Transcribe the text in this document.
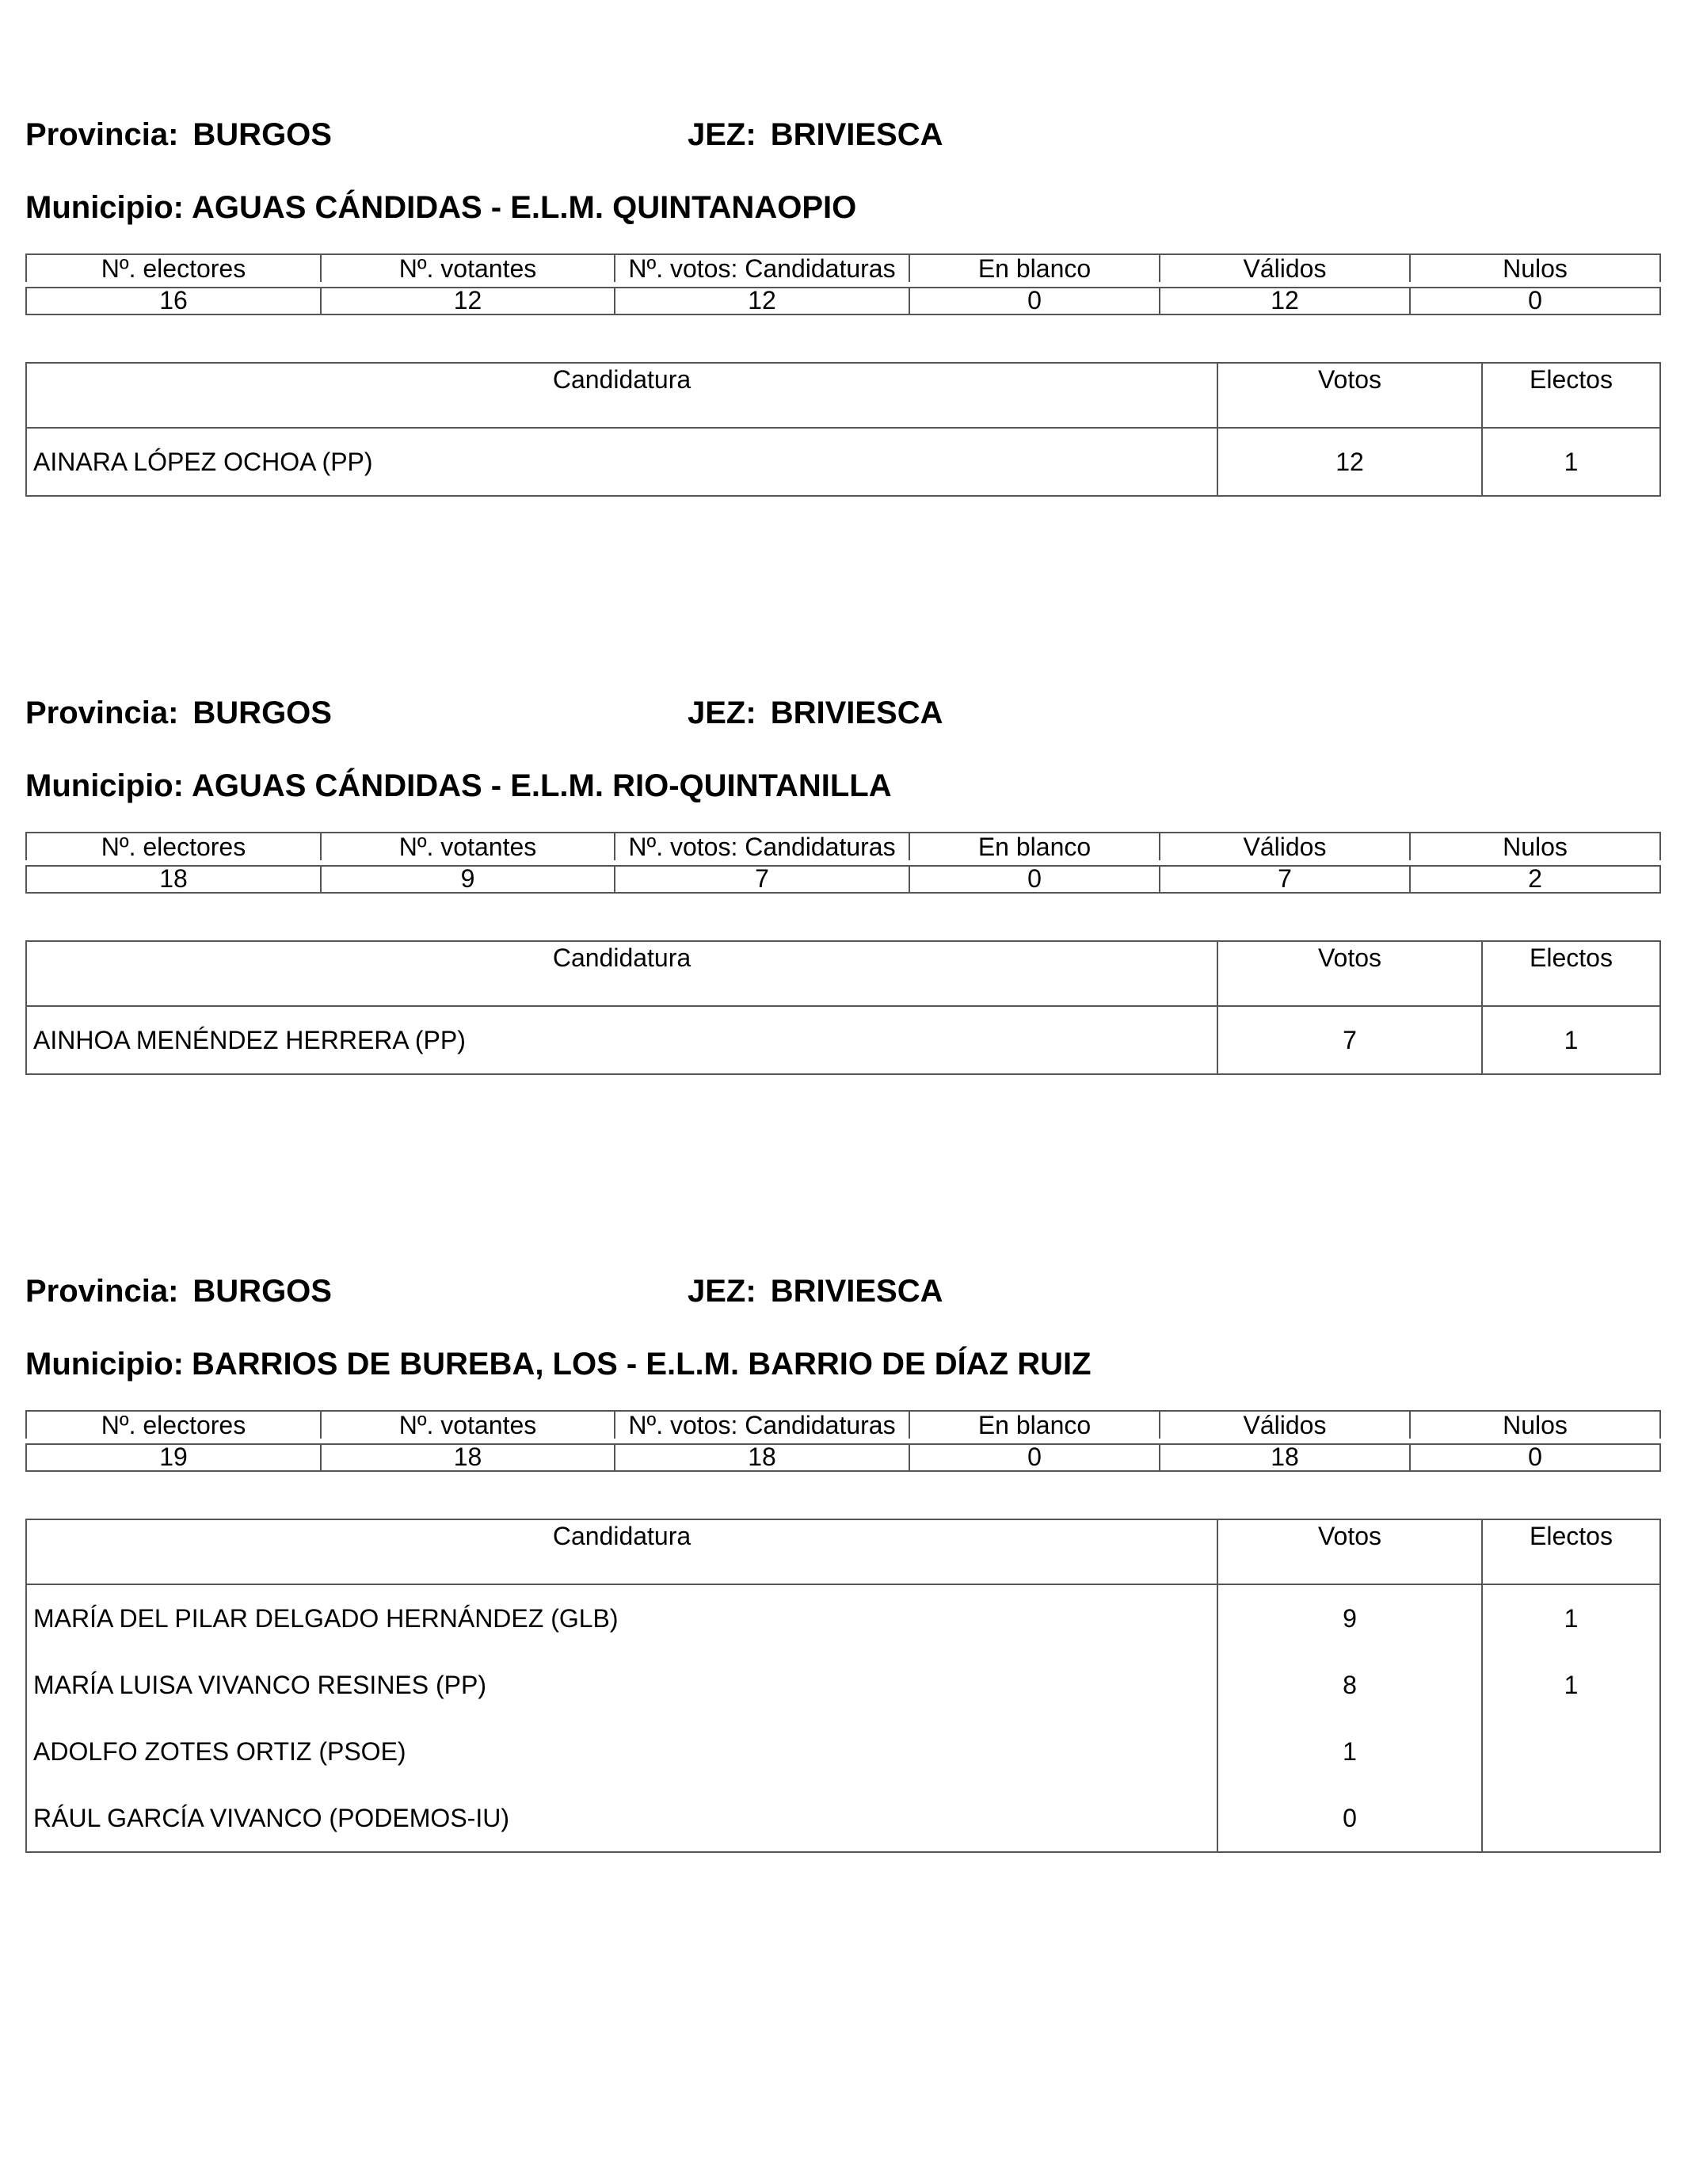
Provincia: BURGOS	JEZ: BRIVIESCA
Municipio: AGUAS CÁNDIDAS - E.L.M. QUINTANAOPIO
Nº. electores	Nº. votantes	Nº. votos: Candidaturas	En blanco	Válidos	Nulos
16	12	12	0	12	0
Candidatura	Votos	Electos
AINARA LÓPEZ OCHOA (PP)	12	1
Provincia: BURGOS	JEZ: BRIVIESCA
Municipio: AGUAS CÁNDIDAS - E.L.M. RIO-QUINTANILLA
Nº. electores	Nº. votantes	Nº. votos: Candidaturas	En blanco	Válidos	Nulos
18	9	7	0	7	2
Candidatura	Votos	Electos
AINHOA MENÉNDEZ HERRERA (PP)	7	1
Provincia: BURGOS	JEZ: BRIVIESCA
Municipio: BARRIOS DE BUREBA, LOS - E.L.M. BARRIO DE DÍAZ RUIZ
Nº. electores	Nº. votantes	Nº. votos: Candidaturas	En blanco	Válidos	Nulos
19	18	18	0	18	0
Candidatura	Votos	Electos
MARÍA DEL PILAR DELGADO HERNÁNDEZ (GLB)	9	1
MARÍA LUISA VIVANCO RESINES (PP)	8	1
ADOLFO ZOTES ORTIZ (PSOE)	1	
RÁUL GARCÍA VIVANCO (PODEMOS-IU)	0	
